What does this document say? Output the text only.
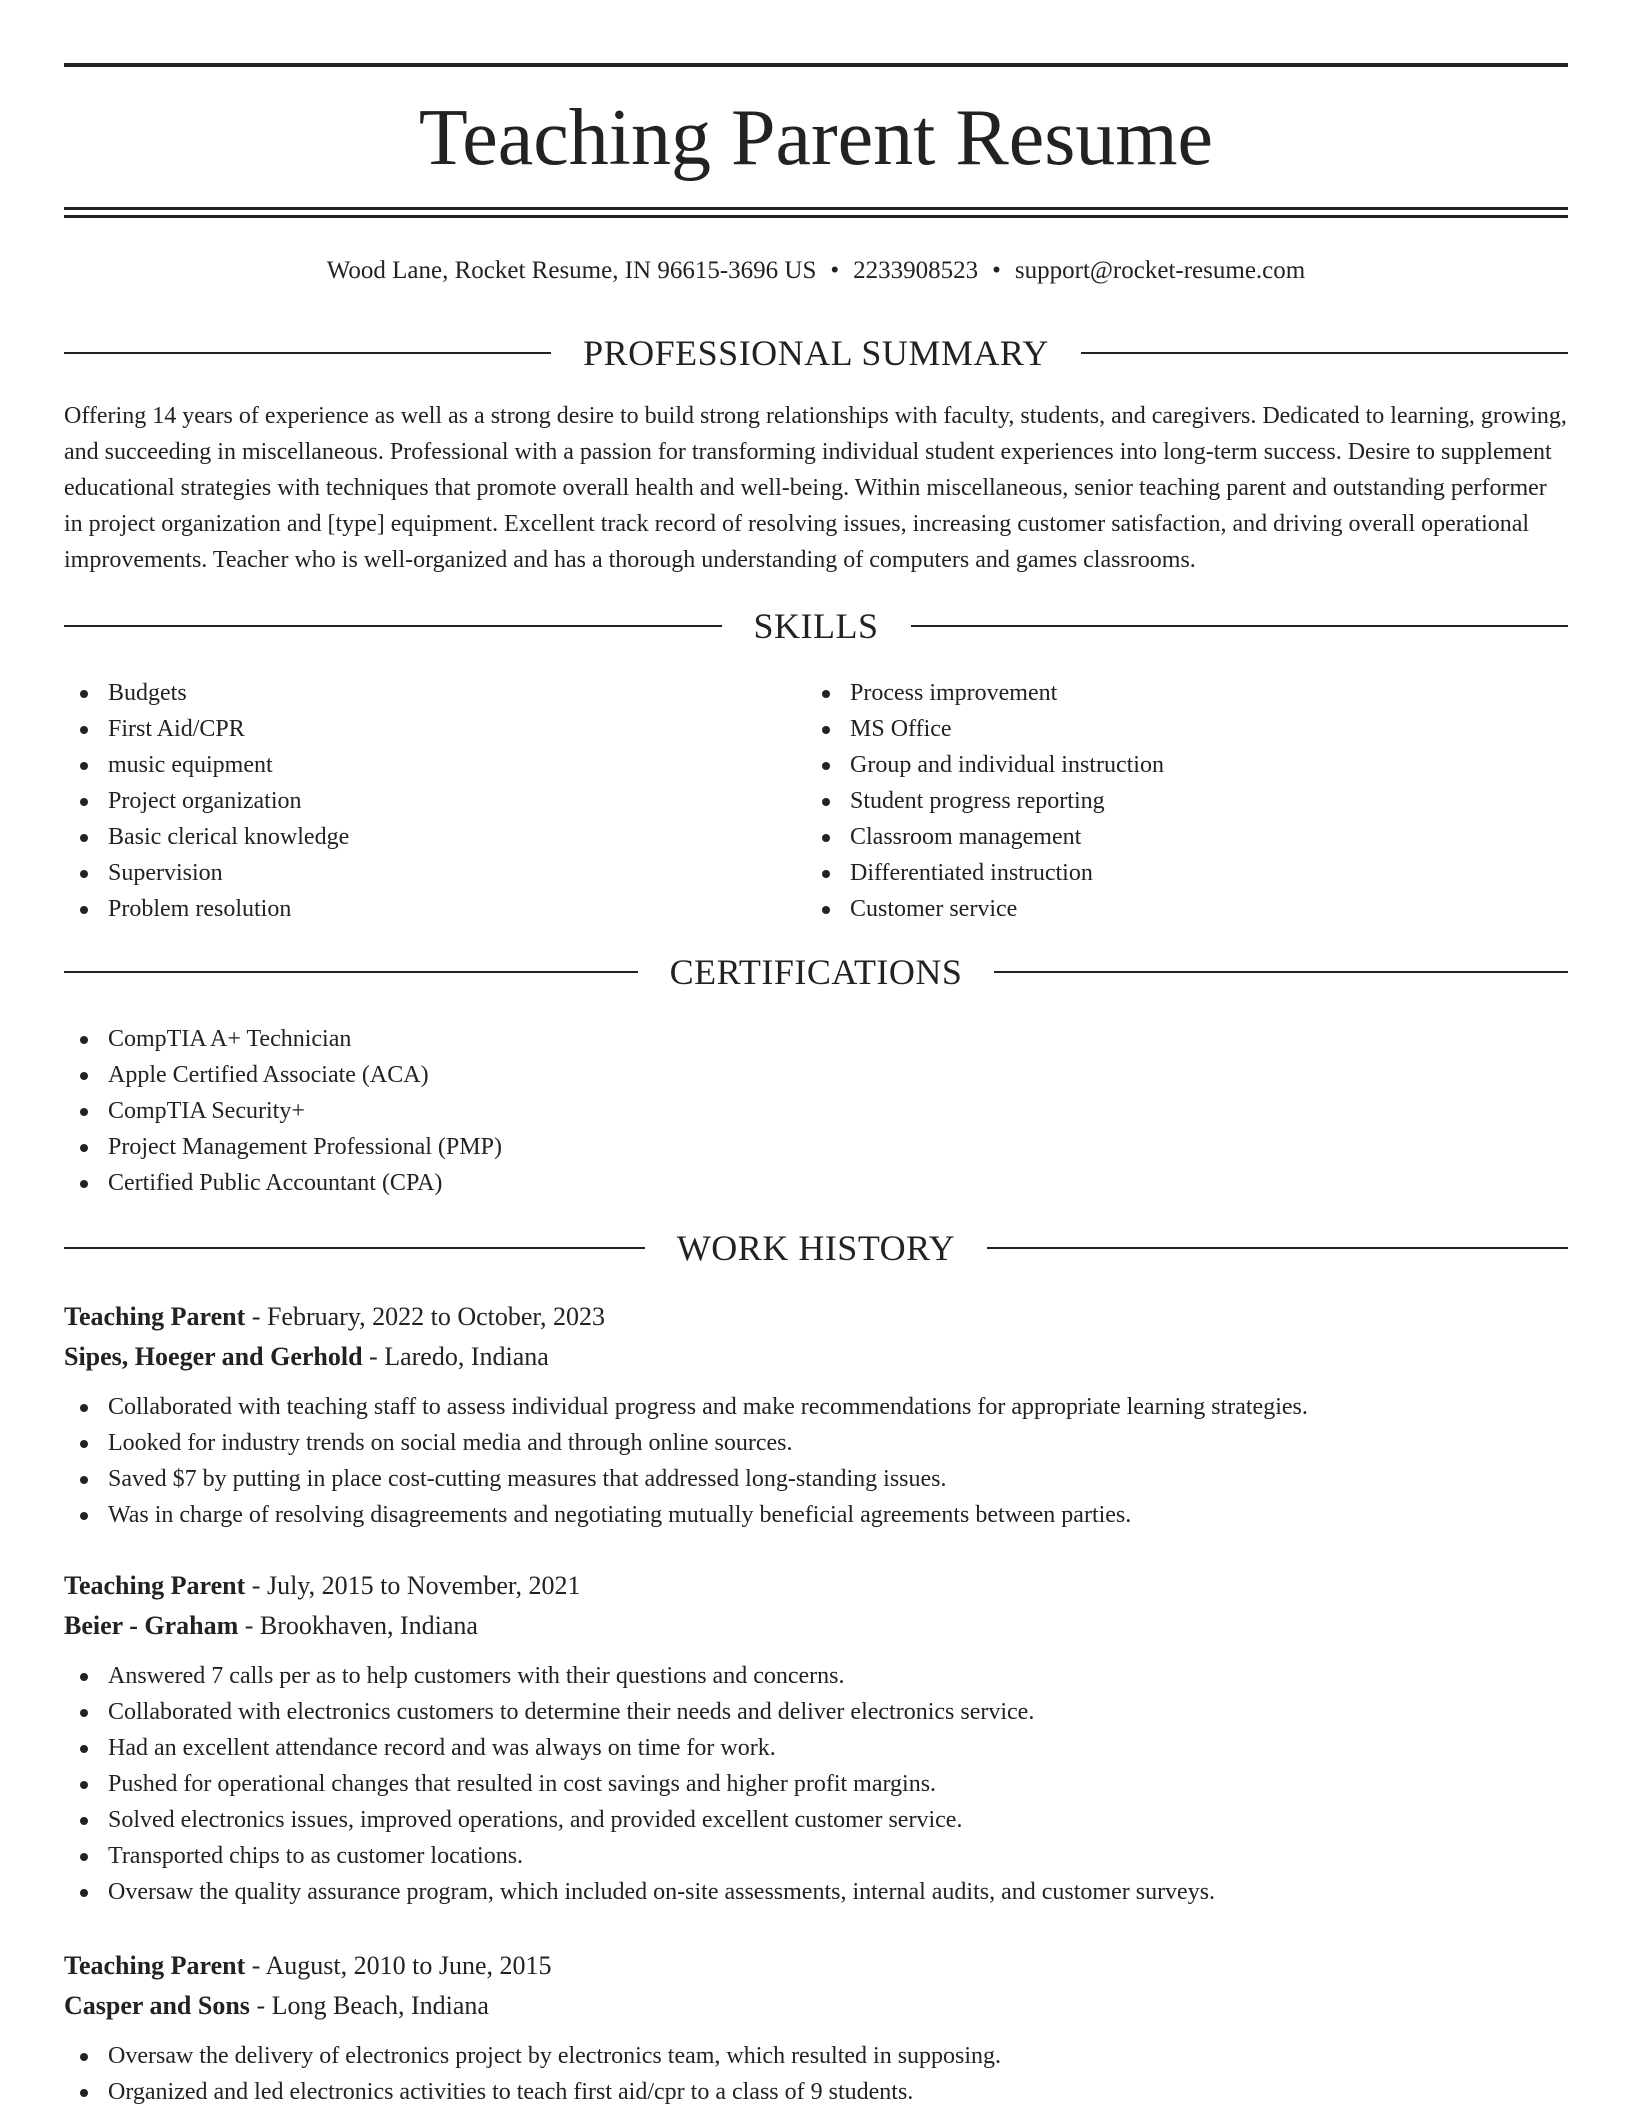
Teaching Parent Resume
Wood Lane, Rocket Resume, IN 96615-3696 US • 2233908523 • support@rocket-resume.com
PROFESSIONAL SUMMARY

Offering 14 years of experience as well as a strong desire to build strong relationships with faculty, students, and caregivers. Dedicated to learning, growing, and succeeding in miscellaneous. Professional with a passion for transforming individual student experiences into long-term success. Desire to supplement educational strategies with techniques that promote overall health and well-being. Within miscellaneous, senior teaching parent and outstanding performer in project organization and [type] equipment. Excellent track record of resolving issues, increasing customer satisfaction, and driving overall operational improvements. Teacher who is well-organized and has a thorough understanding of computers and games classrooms.

SKILLS
Budgets
First Aid/CPR
music equipment
Project organization
Basic clerical knowledge
Supervision
Problem resolution
Process improvement
MS Office
Group and individual instruction
Student progress reporting
Classroom management
Differentiated instruction
Customer service
CERTIFICATIONS
CompTIA A+ Technician
Apple Certified Associate (ACA)
CompTIA Security+
Project Management Professional (PMP)
Certified Public Accountant (CPA)
WORK HISTORY
Teaching Parent - February, 2022 to October, 2023
Sipes, Hoeger and Gerhold - Laredo, Indiana
Collaborated with teaching staff to assess individual progress and make recommendations for appropriate learning strategies.
Looked for industry trends on social media and through online sources.
Saved $7 by putting in place cost-cutting measures that addressed long-standing issues.
Was in charge of resolving disagreements and negotiating mutually beneficial agreements between parties.
Teaching Parent - July, 2015 to November, 2021
Beier - Graham - Brookhaven, Indiana
Answered 7 calls per as to help customers with their questions and concerns.
Collaborated with electronics customers to determine their needs and deliver electronics service.
Had an excellent attendance record and was always on time for work.
Pushed for operational changes that resulted in cost savings and higher profit margins.
Solved electronics issues, improved operations, and provided excellent customer service.
Transported chips to as customer locations.
Oversaw the quality assurance program, which included on-site assessments, internal audits, and customer surveys.
Teaching Parent - August, 2010 to June, 2015
Casper and Sons - Long Beach, Indiana
Oversaw the delivery of electronics project by electronics team, which resulted in supposing.
Organized and led electronics activities to teach first aid/cpr to a class of 9 students.
